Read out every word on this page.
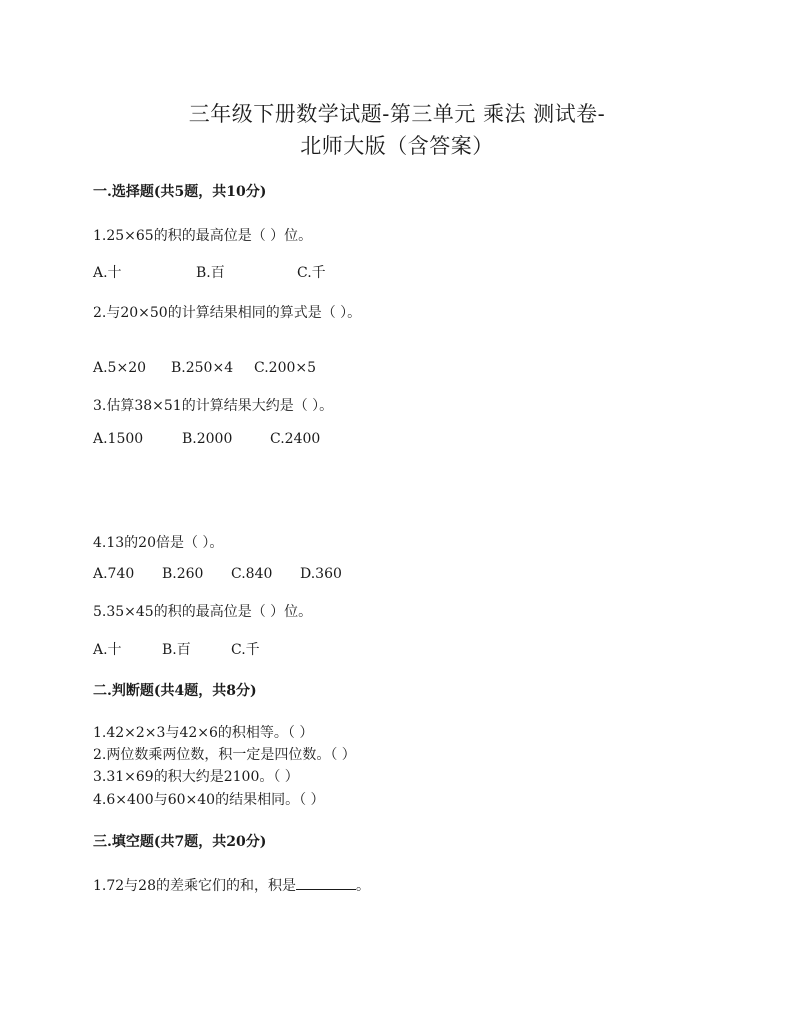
三年级下册数学试题-第三单元 乘法 测试卷-
北师大版（含答案）
一.选择题(共5题，共10分)
1.25×65的积的最高位是（ ）位。
A.十	B.百	C.千
2.与20×50的计算结果相同的算式是（ ）。
A.5×20 B.250×4 C.200×5
3.估算38×51的计算结果大约是（ ）。
A.1500	B.2000	C.2400
4.13的20倍是（ ）。
A.740 B.260 C.840 D.360
5.35×45的积的最高位是（ ）位。
A.十	B.百	C.千
二.判断题(共4题，共8分)
1.42×2×3与42×6的积相等。（ ）
2.两位数乘两位数，积一定是四位数。（ ）
3.31×69的积大约是2100。（ ）
4.6×400与60×40的结果相同。（ ）
三.填空题(共7题，共20分)
1.72与28的差乘它们的和，积是	。
